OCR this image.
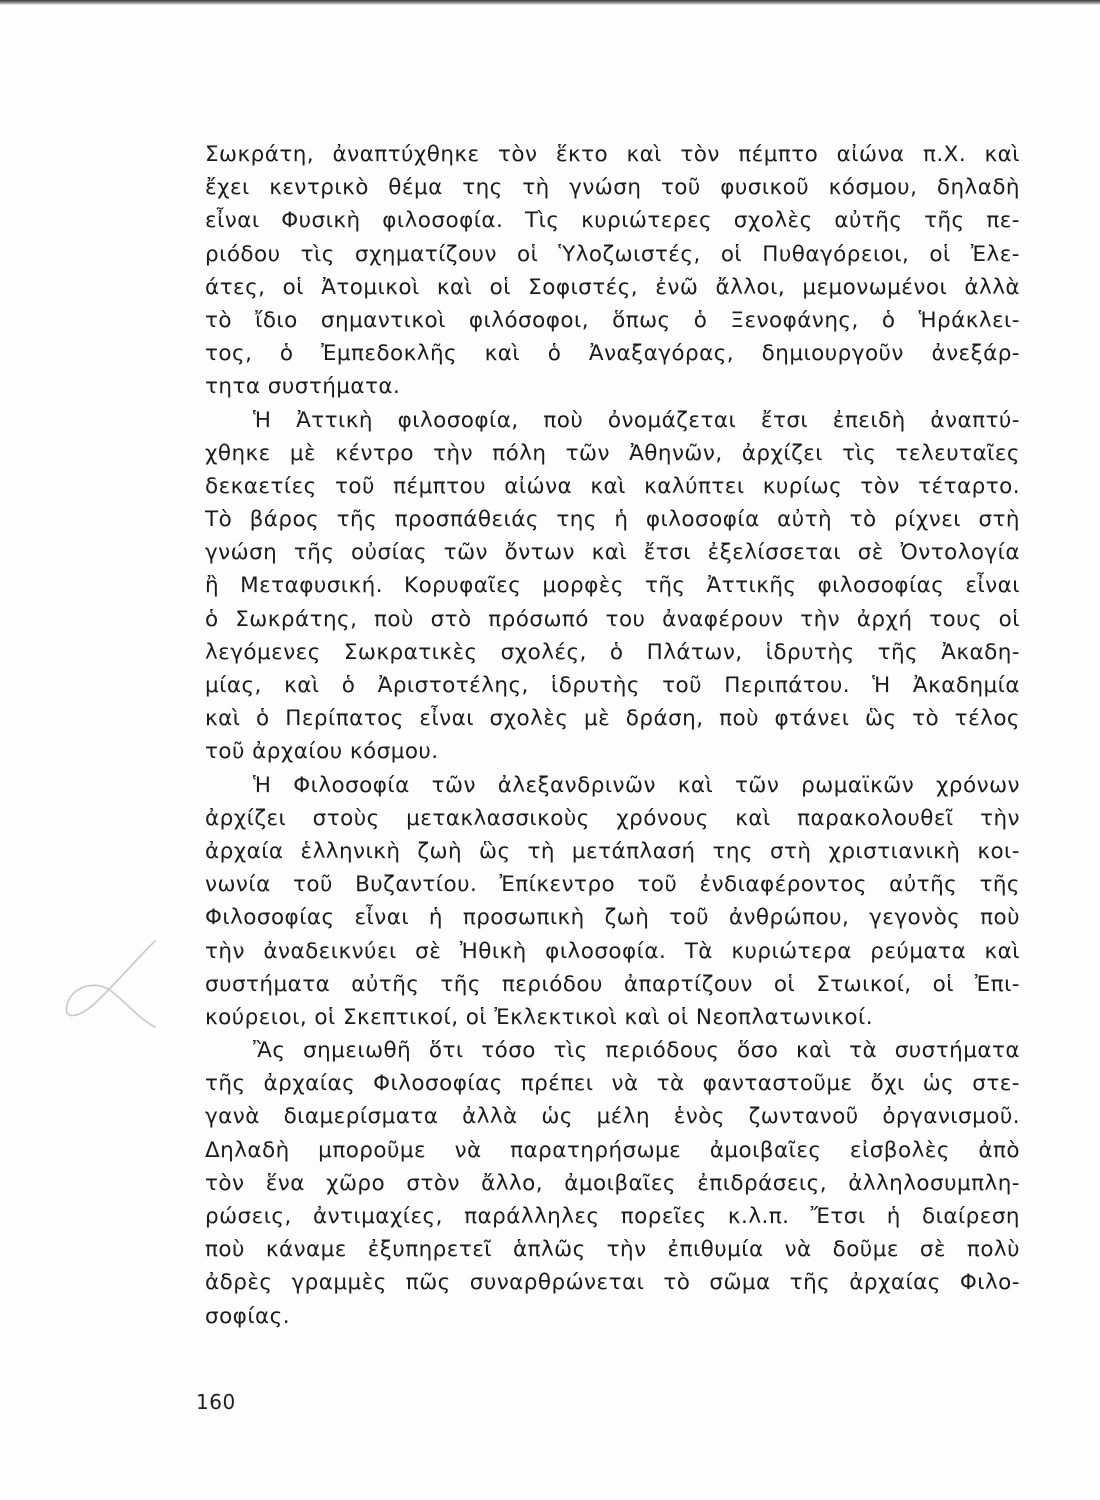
Σωκράτη, ἀναπτύχθηκε τὸν ἕκτο καὶ τὸν πέμπτο αἰώνα π.Χ. καὶ
ἔχει κεντρικὸ θέμα της τὴ γνώση τοῦ φυσικοῦ κόσμου, δηλαδὴ
εἶναι Φυσικὴ φιλοσοφία. Τὶς κυριώτερες σχολὲς αὐτῆς τῆς πε-
ριόδου τὶς σχηματίζουν οἱ Ὑλοζωιστές, οἱ Πυθαγόρειοι, οἱ Ἐλε-
άτες, οἱ Ἀτομικοὶ καὶ οἱ Σοφιστές, ἐνῶ ἄλλοι, μεμονωμένοι ἀλλὰ
τὸ ἴδιο σημαντικοὶ φιλόσοφοι, ὅπως ὁ Ξενοφάνης, ὁ Ἡράκλει-
τος, ὁ Ἐμπεδοκλῆς καὶ ὁ Ἀναξαγόρας, δημιουργοῦν ἀνεξάρ-
τητα συστήματα.
Ἡ Ἀττικὴ φιλοσοφία, ποὺ ὀνομάζεται ἔτσι ἐπειδὴ ἀναπτύ-
χθηκε μὲ κέντρο τὴν πόλη τῶν Ἀθηνῶν, ἀρχίζει τὶς τελευταῖες
δεκαετίες τοῦ πέμπτου αἰώνα καὶ καλύπτει κυρίως τὸν τέταρτο.
Τὸ βάρος τῆς προσπάθειάς της ἡ φιλοσοφία αὐτὴ τὸ ρίχνει στὴ
γνώση τῆς οὐσίας τῶν ὄντων καὶ ἔτσι ἐξελίσσεται σὲ Ὀντολογία
ἢ Μεταφυσική. Κορυφαῖες μορφὲς τῆς Ἀττικῆς φιλοσοφίας εἶναι
ὁ Σωκράτης, ποὺ στὸ πρόσωπό του ἀναφέρουν τὴν ἀρχή τους οἱ
λεγόμενες Σωκρατικὲς σχολές, ὁ Πλάτων, ἱδρυτὴς τῆς Ἀκαδη-
μίας, καὶ ὁ Ἀριστοτέλης, ἱδρυτὴς τοῦ Περιπάτου. Ἡ Ἀκαδημία
καὶ ὁ Περίπατος εἶναι σχολὲς μὲ δράση, ποὺ φτάνει ὣς τὸ τέλος
τοῦ ἀρχαίου κόσμου.
Ἡ Φιλοσοφία τῶν ἀλεξανδρινῶν καὶ τῶν ρωμαϊκῶν χρόνων
ἀρχίζει στοὺς μετακλασσικοὺς χρόνους καὶ παρακολουθεῖ τὴν
ἀρχαία ἑλληνικὴ ζωὴ ὣς τὴ μετάπλασή της στὴ χριστιανικὴ κοι-
νωνία τοῦ Βυζαντίου. Ἐπίκεντρο τοῦ ἐνδιαφέροντος αὐτῆς τῆς
Φιλοσοφίας εἶναι ἡ προσωπικὴ ζωὴ τοῦ ἀνθρώπου, γεγονὸς ποὺ
τὴν ἀναδεικνύει σὲ Ἠθικὴ φιλοσοφία. Τὰ κυριώτερα ρεύματα καὶ
συστήματα αὐτῆς τῆς περιόδου ἀπαρτίζουν οἱ Στωικοί, οἱ Ἐπι-
κούρειοι, οἱ Σκεπτικοί, οἱ Ἐκλεκτικοὶ καὶ οἱ Νεοπλατωνικοί.
Ἂς σημειωθῆ ὅτι τόσο τὶς περιόδους ὅσο καὶ τὰ συστήματα
τῆς ἀρχαίας Φιλοσοφίας πρέπει νὰ τὰ φανταστοῦμε ὄχι ὡς στε-
γανὰ διαμερίσματα ἀλλὰ ὡς μέλη ἑνὸς ζωντανοῦ ὀργανισμοῦ.
Δηλαδὴ μποροῦμε νὰ παρατηρήσωμε ἀμοιβαῖες εἰσβολὲς ἀπὸ
τὸν ἕνα χῶρο στὸν ἄλλο, ἀμοιβαῖες ἐπιδράσεις, ἀλληλοσυμπλη-
ρώσεις, ἀντιμαχίες, παράλληλες πορεῖες κ.λ.π. Ἔτσι ἡ διαίρεση
ποὺ κάναμε ἐξυπηρετεῖ ἁπλῶς τὴν ἐπιθυμία νὰ δοῦμε σὲ πολὺ
ἀδρὲς γραμμὲς πῶς συναρθρώνεται τὸ σῶμα τῆς ἀρχαίας Φιλο-
σοφίας.
160
